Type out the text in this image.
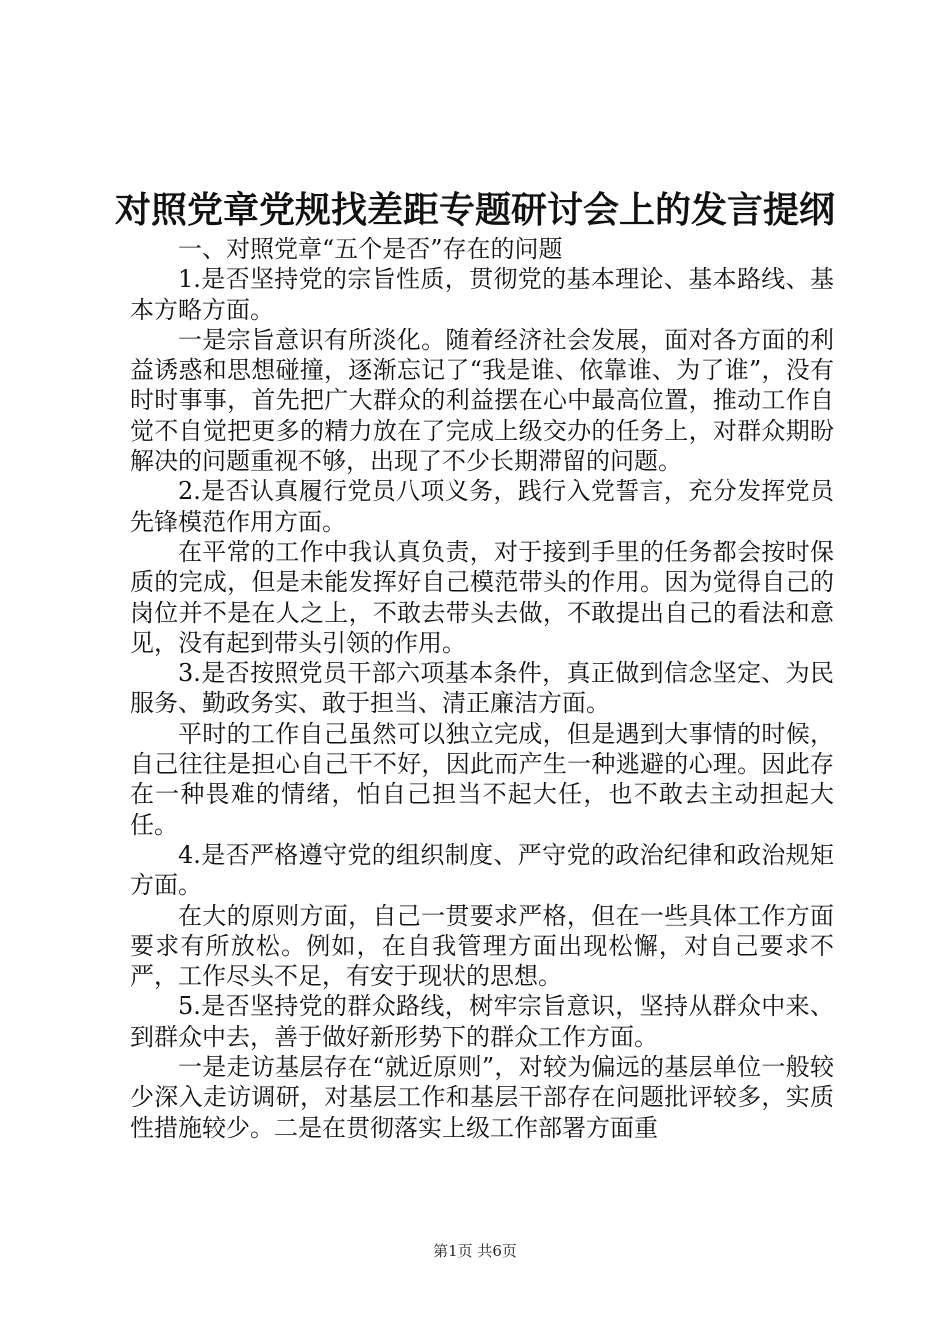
对照党章党规找差距专题研讨会上的发言提纲

一、对照党章“五个是否”存在的问题

1.是否坚持党的宗旨性质，贯彻党的基本理论、基本路线、基本方略方面。

一是宗旨意识有所淡化。随着经济社会发展，面对各方面的利益诱惑和思想碰撞，逐渐忘记了“我是谁、依靠谁、为了谁”，没有时时事事，首先把广大群众的利益摆在心中最高位置，推动工作自觉不自觉把更多的精力放在了完成上级交办的任务上，对群众期盼解决的问题重视不够，出现了不少长期滞留的问题。

2.是否认真履行党员八项义务，践行入党誓言，充分发挥党员先锋模范作用方面。

在平常的工作中我认真负责，对于接到手里的任务都会按时保质的完成，但是未能发挥好自己模范带头的作用。因为觉得自己的岗位并不是在人之上，不敢去带头去做，不敢提出自己的看法和意见，没有起到带头引领的作用。

3.是否按照党员干部六项基本条件，真正做到信念坚定、为民服务、勤政务实、敢于担当、清正廉洁方面。

平时的工作自己虽然可以独立完成，但是遇到大事情的时候，自己往往是担心自己干不好，因此而产生一种逃避的心理。因此存在一种畏难的情绪，怕自己担当不起大任，也不敢去主动担起大任。

4.是否严格遵守党的组织制度、严守党的政治纪律和政治规矩方面。

在大的原则方面，自己一贯要求严格，但在一些具体工作方面要求有所放松。例如，在自我管理方面出现松懈，对自己要求不严，工作尽头不足，有安于现状的思想。

5.是否坚持党的群众路线，树牢宗旨意识，坚持从群众中来、到群众中去，善于做好新形势下的群众工作方面。

一是走访基层存在“就近原则”，对较为偏远的基层单位一般较少深入走访调研，对基层工作和基层干部存在问题批评较多，实质性措施较少。二是在贯彻落实上级工作部署方面重

第1页 共6页
